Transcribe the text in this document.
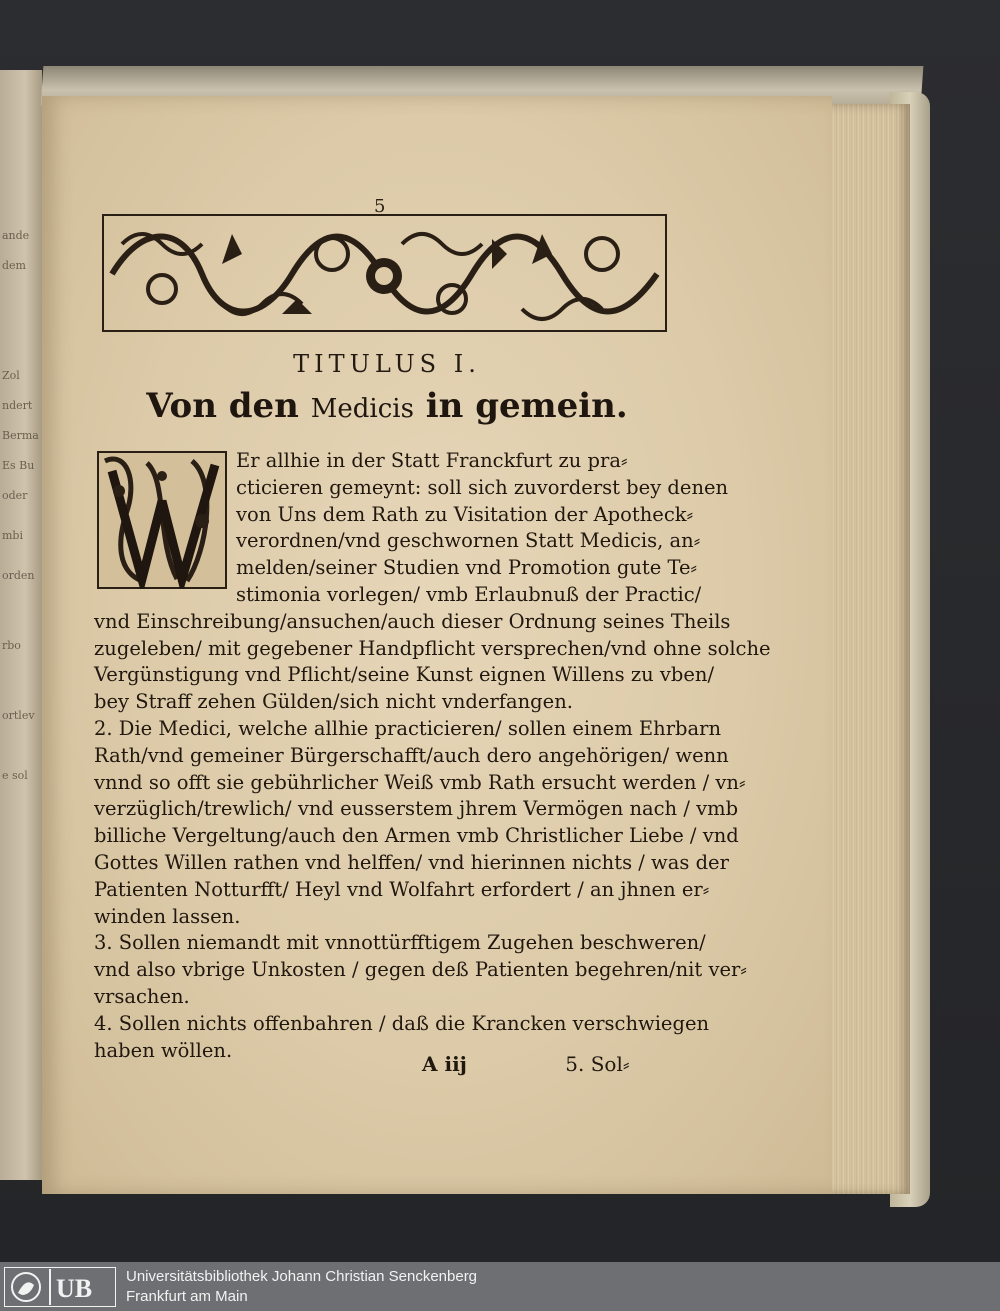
ande
dem
Zol
ndert
Berma
Es Bu
oder
mbi
orden
rbo
ortlev
e sol
5
TITULUS I.
Von den Medicis in gemein.
Er allhie in der Statt Franckfurt zu pra⸗
cticieren gemeynt: soll sich zuvorderst bey denen
von Uns dem Rath zu Visitation der Apotheck⸗
verordnen/vnd geschwornen Statt Medicis, an⸗
melden/seiner Studien vnd Promotion gute Te⸗
stimonia vorlegen/ vmb Erlaubnuß der Practic/
vnd Einschreibung/ansuchen/auch dieser Ordnung seines Theils
zugeleben/ mit gegebener Handpflicht versprechen/vnd ohne solche
Vergünstigung vnd Pflicht/seine Kunst eignen Willens zu vben/
bey Straff zehen Gülden/sich nicht vnderfangen.
2. Die Medici, welche allhie practicieren/ sollen einem Ehrbarn
Rath/vnd gemeiner Bürgerschafft/auch dero angehörigen/ wenn
vnnd so offt sie gebührlicher Weiß vmb Rath ersucht werden / vn⸗
verzüglich/trewlich/ vnd eusserstem jhrem Vermögen nach / vmb
billiche Vergeltung/auch den Armen vmb Christlicher Liebe / vnd
Gottes Willen rathen vnd helffen/ vnd hierinnen nichts / was der
Patienten Notturfft/ Heyl vnd Wolfahrt erfordert / an jhnen er⸗
winden lassen.
3. Sollen niemandt mit vnnottürfftigem Zugehen beschweren/
vnd also vbrige Unkosten / gegen deß Patienten begehren/nit ver⸗
vrsachen.
4. Sollen nichts offenbahren / daß die Krancken verschwiegen
haben wöllen.
A iij	5. Sol⸗
UB Universitätsbibliothek Johann Christian Senckenberg
Frankfurt am Main
